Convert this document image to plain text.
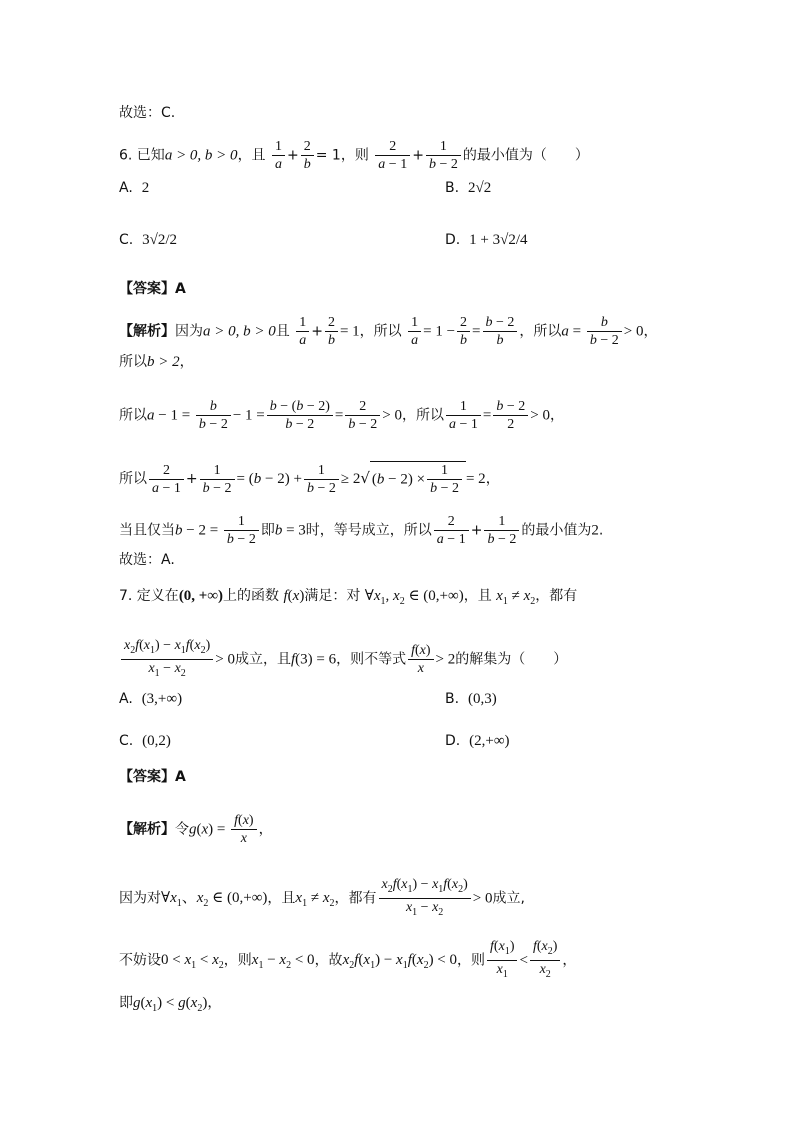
故选：C.
6. 已知a > 0, b > 0，且 $\frac{1}{a} + \frac{2}{b} = 1$，则 $\frac{2}{a - 1} + \frac{1}{b - 2}$ 的最小值为（　　）
A. 2	B. 2√2
C. 3√2/2	D. 1 + 3√2/4
【答案】A
【解析】因为a > 0, b > 0且 $\frac{1}{a} + \frac{2}{b} = 1$，所以 $\frac{1}{a} = 1 - \frac{2}{b} = \frac{b - 2}{b}$ ，所以$a = \frac{b}{b - 2} > 0$，
所以b > 2，
所以$a - 1 = \frac{b}{b - 2} - 1 = \frac{b - (b - 2)}{b - 2} = \frac{2}{b - 2} > 0$，所以 $\frac{1}{a - 1} = \frac{b - 2}{2} > 0$，
所以 $\frac{2}{a - 1} + \frac{1}{b - 2} = (b - 2) + \frac{1}{b - 2} \ge 2√$ $(b - 2) \times \frac{1}{b - 2} = 2$，
当且仅当$b - 2 = \frac{1}{b - 2}$ 即b = 3时，等号成立，所以 $\frac{2}{a - 1} + \frac{1}{b - 2}$ 的最小值为2.
故选：A.
7. 定义在(0, +∞)上的函数 f(x)满足：对 $\forall x_1$, $x_2$ ∈ (0,+∞)，且 $x_1 \ne x_2$，都有
$\frac{x_2f(x_1) - x_1f(x_2)}{x_1 - x_2} > 0$成立，且f(3) = 6，则不等式 $\frac{f(x)}{x} > 2$的解集为（　　）
A. (3,+∞)	B. (0,3)
C. (0,2)	D. (2,+∞)
【答案】A
【解析】令$g(x) = \frac{f(x)}{x}$ ，
因为对$\forall x_1$、$x_2$ ∈ (0,+∞)，且$x_1 \ne x_2$，都有 $\frac{x_2f(x_1) - x_1f(x_2)}{x_1 - x_2} > 0$成立,
不妨设$0 < x_1 < x_2$，则$x_1 - x_2 < 0$，故$x_2f(x_1) - x_1f(x_2) < 0$，则 $\frac{f(x_1)}{x_1} < \frac{f(x_2)}{x_2}$ ，
即$g(x_1) < g(x_2)$，
